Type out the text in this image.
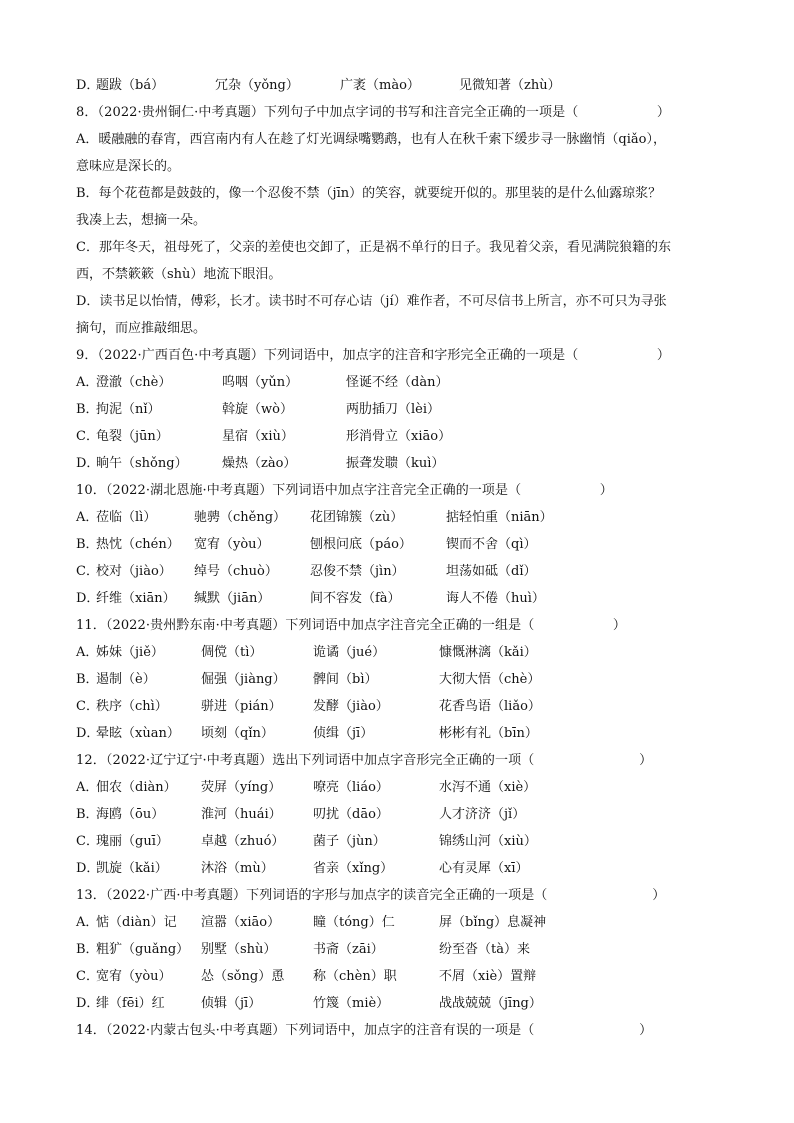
D．
题跋（bá）	冗杂（yǒng）	广袤（mào）	见微知著（zhù）
8．（2022·贵州铜仁·中考真题）下列句子中加点字词的书写和注音完全正确的一项是（　　　　　　）
A．暖融融的春宵，西宫南内有人在趁了灯光调绿嘴鹦鹉，也有人在秋千索下缓步寻一脉幽悄（qiǎo），
意味应是深长的。
B．每个花苞都是鼓鼓的，像一个忍俊不禁（jīn）的笑容，就要绽开似的。那里装的是什么仙露琼浆？
我凑上去，想摘一朵。
C．那年冬天，祖母死了，父亲的差使也交卸了，正是祸不单行的日子。我见着父亲，看见满院狼籍的东
西，不禁簌簌（shù）地流下眼泪。
D．读书足以怡情，傅彩，长才。读书时不可存心诘（jí）难作者，不可尽信书上所言，亦不可只为寻张
摘句，而应推敲细思。
9．（2022·广西百色·中考真题）下列词语中，加点字的注音和字形完全正确的一项是（　　　　　　）
A．
澄澈（chè）	呜咽（yǔn）	怪诞不经（dàn）
B．
拘泥（nǐ）	斡旋（wò）	两肋插刀（lèi）
C．
龟裂（jūn）	星宿（xiù）	形消骨立（xiāo）
D．
晌午（shǒng）	燥热（zào）	振聋发聩（kuì）
10．（2022·湖北恩施·中考真题）下列词语中加点字注音完全正确的一项是（　　　　　　）
A．
莅临（lì）	驰骋（chěng） 花团锦簇（zù）	掂轻怕重（niān）
B．
热忱（chén） 宽宥（yòu）	刨根问底（páo）	锲而不舍（qì）
C．
校对（jiào） 绰号（chuò） 忍俊不禁（jìn）	坦荡如砥（dǐ）
D．
纤维（xiān） 缄默（jiān）	间不容发（fà）	诲人不倦（huì）
11．（2022·贵州黔东南·中考真题）下列词语中加点字注音完全正确的一组是（　　　　　　）
A．
姊妹（jiě）	倜傥（tì）	诡谲（jué）	慷慨淋漓（kǎi）
B．
遏制（è）	倔强（jiàng） 髀间（bì）	大彻大悟（chè）
C．
秩序（chì）	骈进（pián） 发酵（jiào）	花香鸟语（liǎo）
D．
晕眩（xùan） 顷刻（qǐn）	侦缉（jī）	彬彬有礼（bīn）
12．（2022·辽宁辽宁·中考真题）选出下列词语中加点字音形完全正确的一项（　　　　　　　　）
A．
佃农（diàn） 荧屏（yíng） 嘹亮（liáo）	水泻不通（xiè）
B．
海鸥（ōu）	淮河（huái） 叨扰（dāo）	人才济济（jǐ）
C．
瑰丽（guī） 卓越（zhuó） 菌子（jùn）	锦绣山河（xiù）
D．
凯旋（kǎi）	沐浴（mù）	省亲（xǐng）	心有灵犀（xī）
13．（2022·广西·中考真题）下列词语的字形与加点字的读音完全正确的一项是（　　　　　　　　）
A．
惦（diàn）记 渲嚣（xiāo）	瞳（tóng）仁	屏（bǐng）息凝神
B．
粗犷（guǎng） 别墅（shù）	书斋（zāi）	纷至沓（tà）来
C．
宽宥（yòu） 怂（sǒng）恿 称（chèn）职	不屑（xiè）置辩
D．
绯（fēi）红	侦辑（jī）	竹篾（miè）	战战兢兢（jīng）
14．（2022·内蒙古包头·中考真题）下列词语中，加点字的注音有误的一项是（　　　　　　　　）
